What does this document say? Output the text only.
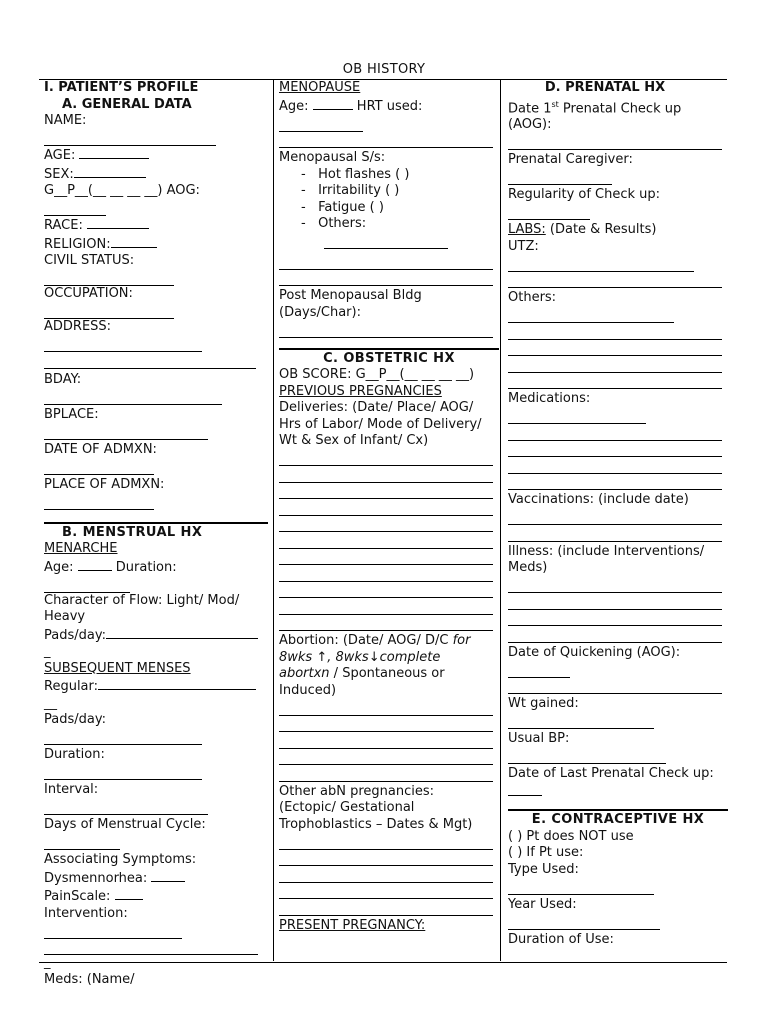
OB HISTORY
I. PATIENT’S PROFILE
A. GENERAL DATA
NAME:
AGE:
SEX:
G__P__(__ __ __ __) AOG:
RACE:
RELIGION:
CIVIL STATUS:
OCCUPATION:
ADDRESS:
BDAY:
BPLACE:
DATE OF ADMXN:
PLACE OF ADMXN:
B. MENSTRUAL HX
MENARCHE
Age:	Duration:
Character of Flow: Light/ Mod/ Heavy
Pads/day:
_
SUBSEQUENT MENSES
Regular:
__
Pads/day:
Duration:
Interval:
Days of Menstrual Cycle:
Associating Symptoms:
Dysmennorhea:
PainScale:
Intervention:
_
Meds: (Name/
MENOPAUSE
Age:	HRT used:
Menopausal S/s:
-   Hot flashes ( )
-   Irritability ( )
-   Fatigue ( )
-   Others:
Post Menopausal Bldg (Days/Char):
C. OBSTETRIC HX
OB SCORE: G__P__(__ __ __ __)
PREVIOUS PREGNANCIES
Deliveries: (Date/ Place/ AOG/ Hrs of Labor/ Mode of Delivery/ Wt & Sex of Infant/ Cx)
Abortion: (Date/ AOG/ D/C for 8wks ↑, 8wks↓complete abortxn / Spontaneous or Induced)
Other abN pregnancies: (Ectopic/ Gestational Trophoblastics – Dates & Mgt)
PRESENT PREGNANCY:
D. PRENATAL HX
Date 1st Prenatal Check up (AOG):
Prenatal Caregiver:
Regularity of Check up:
LABS: (Date & Results)
UTZ:
Others:
Medications:
Vaccinations: (include date)
Illness: (include Interventions/ Meds)
Date of Quickening (AOG):
Wt gained:
Usual BP:
Date of Last Prenatal Check up:
E. CONTRACEPTIVE HX
( ) Pt does NOT use
( ) If Pt use:
Type Used:
Year Used:
Duration of Use:
